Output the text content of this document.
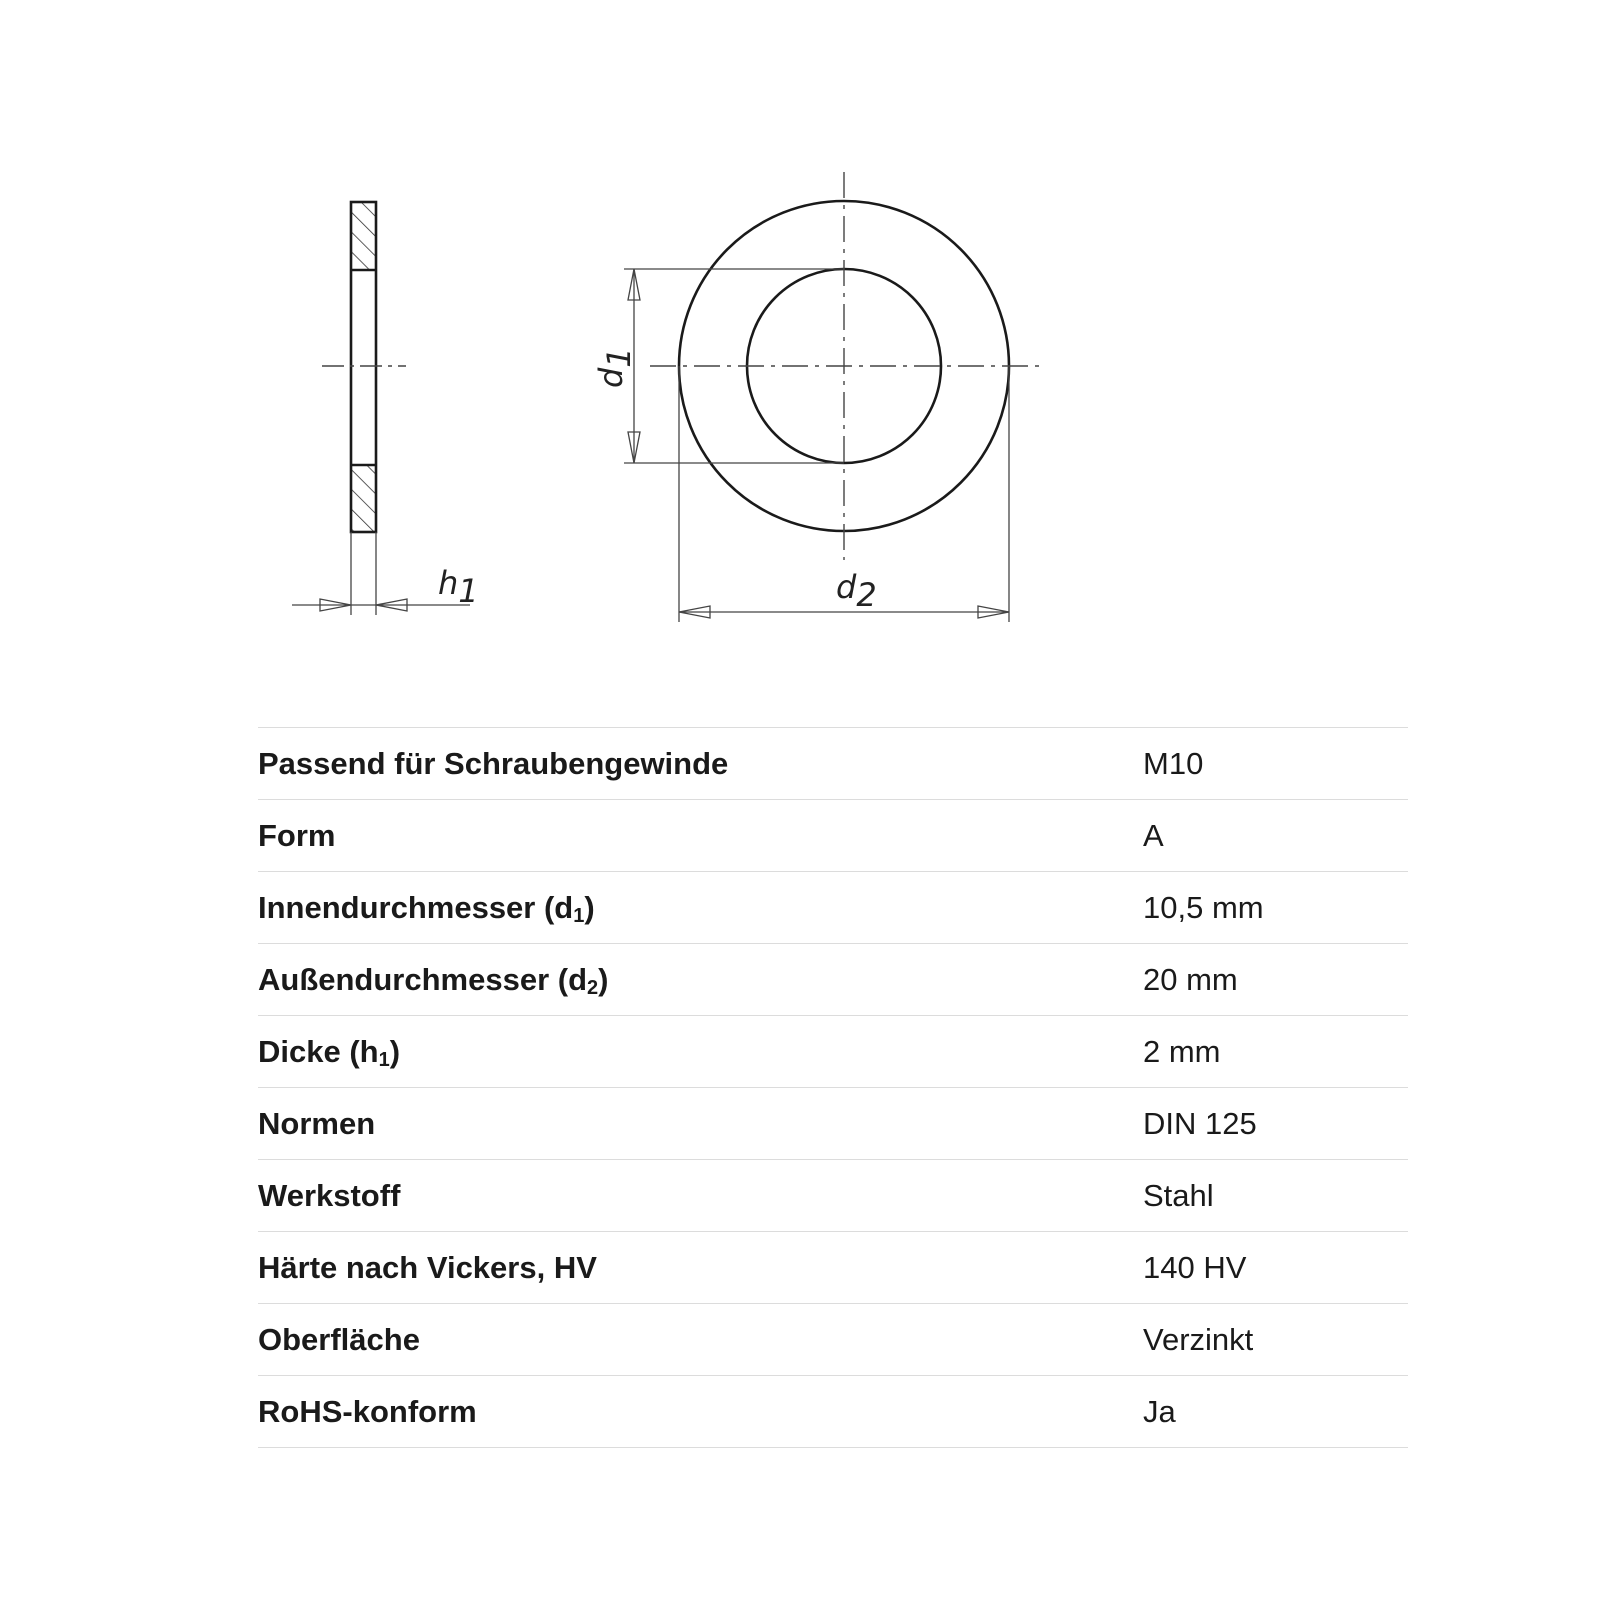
h1
d1
d2
Passend für Schraubengewinde	M10
Form	A
Innendurchmesser $(d_1)$	10,5 mm
Außendurchmesser $(d_2)$	20 mm
Dicke $(h_1)$	2 mm
Normen	DIN 125
Werkstoff	Stahl
Härte nach Vickers, HV	140 HV
Oberfläche	Verzinkt
RoHS-konform	Ja
